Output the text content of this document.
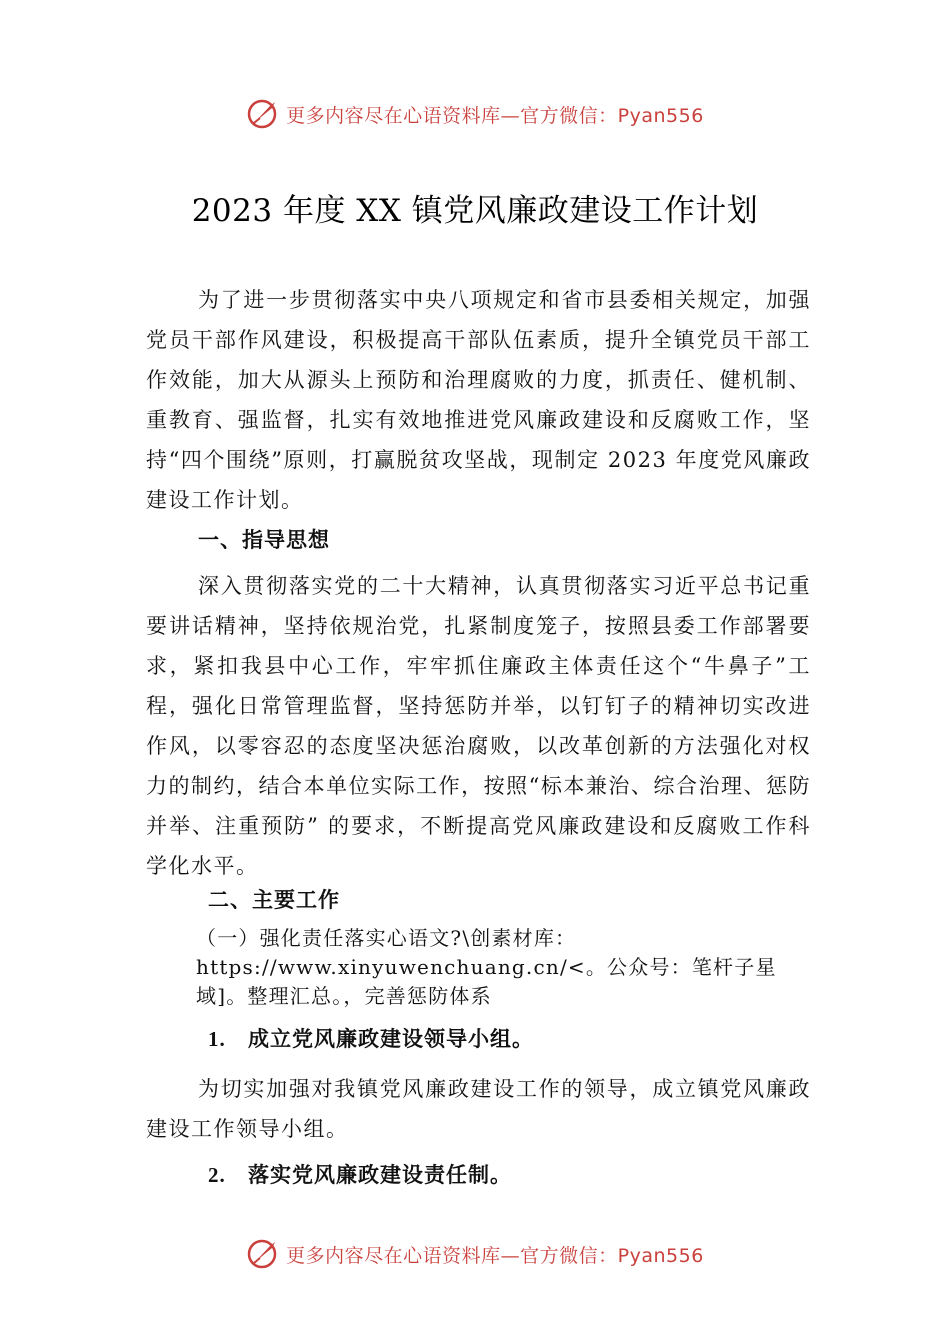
更多内容尽在心语资料库—官方微信：Pyan556
2023 年度 XX 镇党风廉政建设工作计划

为了进一步贯彻落实中央八项规定和省市县委相关规定，加强党员干部作风建设，积极提高干部队伍素质，提升全镇党员干部工作效能，加大从源头上预防和治理腐败的力度，抓责任、健机制、重教育、强监督，扎实有效地推进党风廉政建设和反腐败工作，坚持“四个围绕”原则，打赢脱贫攻坚战，现制定 2023 年度党风廉政建设工作计划。

一、指导思想

深入贯彻落实党的二十大精神，认真贯彻落实习近平总书记重要讲话精神，坚持依规治党，扎紧制度笼子，按照县委工作部署要求，紧扣我县中心工作，牢牢抓住廉政主体责任这个“牛鼻子”工程，强化日常管理监督，坚持惩防并举，以钉钉子的精神切实改进作风，以零容忍的态度坚决惩治腐败，以改革创新的方法强化对权力的制约，结合本单位实际工作，按照“标本兼治、综合治理、惩防并举、注重预防” 的要求，不断提高党风廉政建设和反腐败工作科学化水平。

二、主要工作

（一）强化责任落实心语文?\创素材库：https://www.xinyuwenchuang.cn/<。公众号：笔杆子星域]。整理汇总。，完善惩防体系

1. 成立党风廉政建设领导小组。

为切实加强对我镇党风廉政建设工作的领导，成立镇党风廉政建设工作领导小组。

2. 落实党风廉政建设责任制。
更多内容尽在心语资料库—官方微信：Pyan556
